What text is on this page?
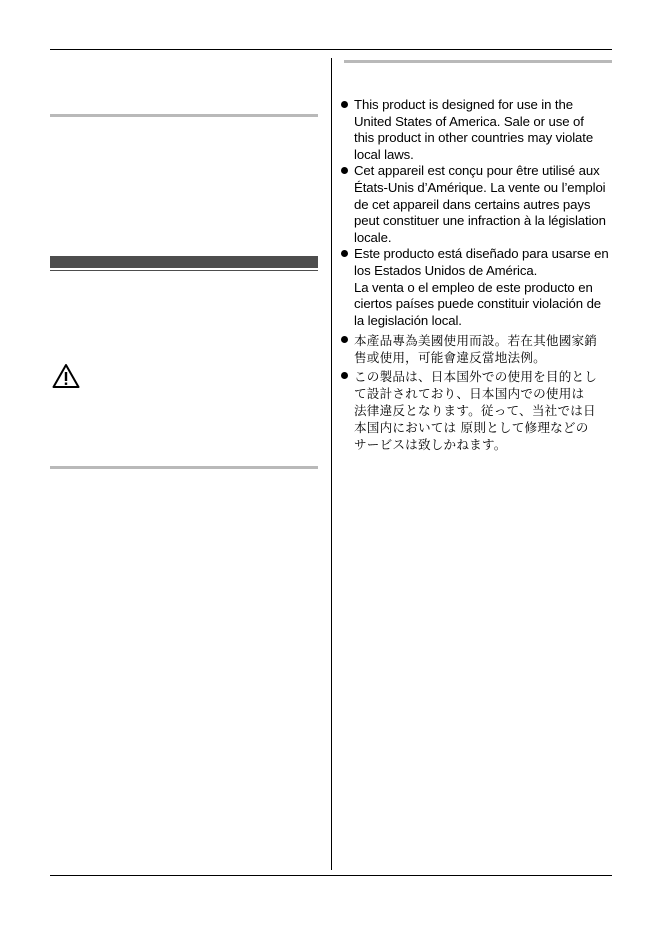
This product is designed for use in the
United States of America. Sale or use of
this product in other countries may violate
local laws.
Cet appareil est conçu pour être utilisé aux
États-Unis d’Amérique. La vente ou l’emploi
de cet appareil dans certains autres pays
peut constituer une infraction à la législation
locale.
Este producto está diseñado para usarse en
los Estados Unidos de América.
La venta o el empleo de este producto en
ciertos países puede constituir violación de
la legislación local.
本產品專為美國使用而設。若在其他國家銷
售或使用，可能會違反當地法例。
この製品は、日本国外での使用を目的とし
て設計されており、日本国内での使用は
法律違反となります。従って、当社では日
本国内においては 原則として修理などの
サービスは致しかねます。
